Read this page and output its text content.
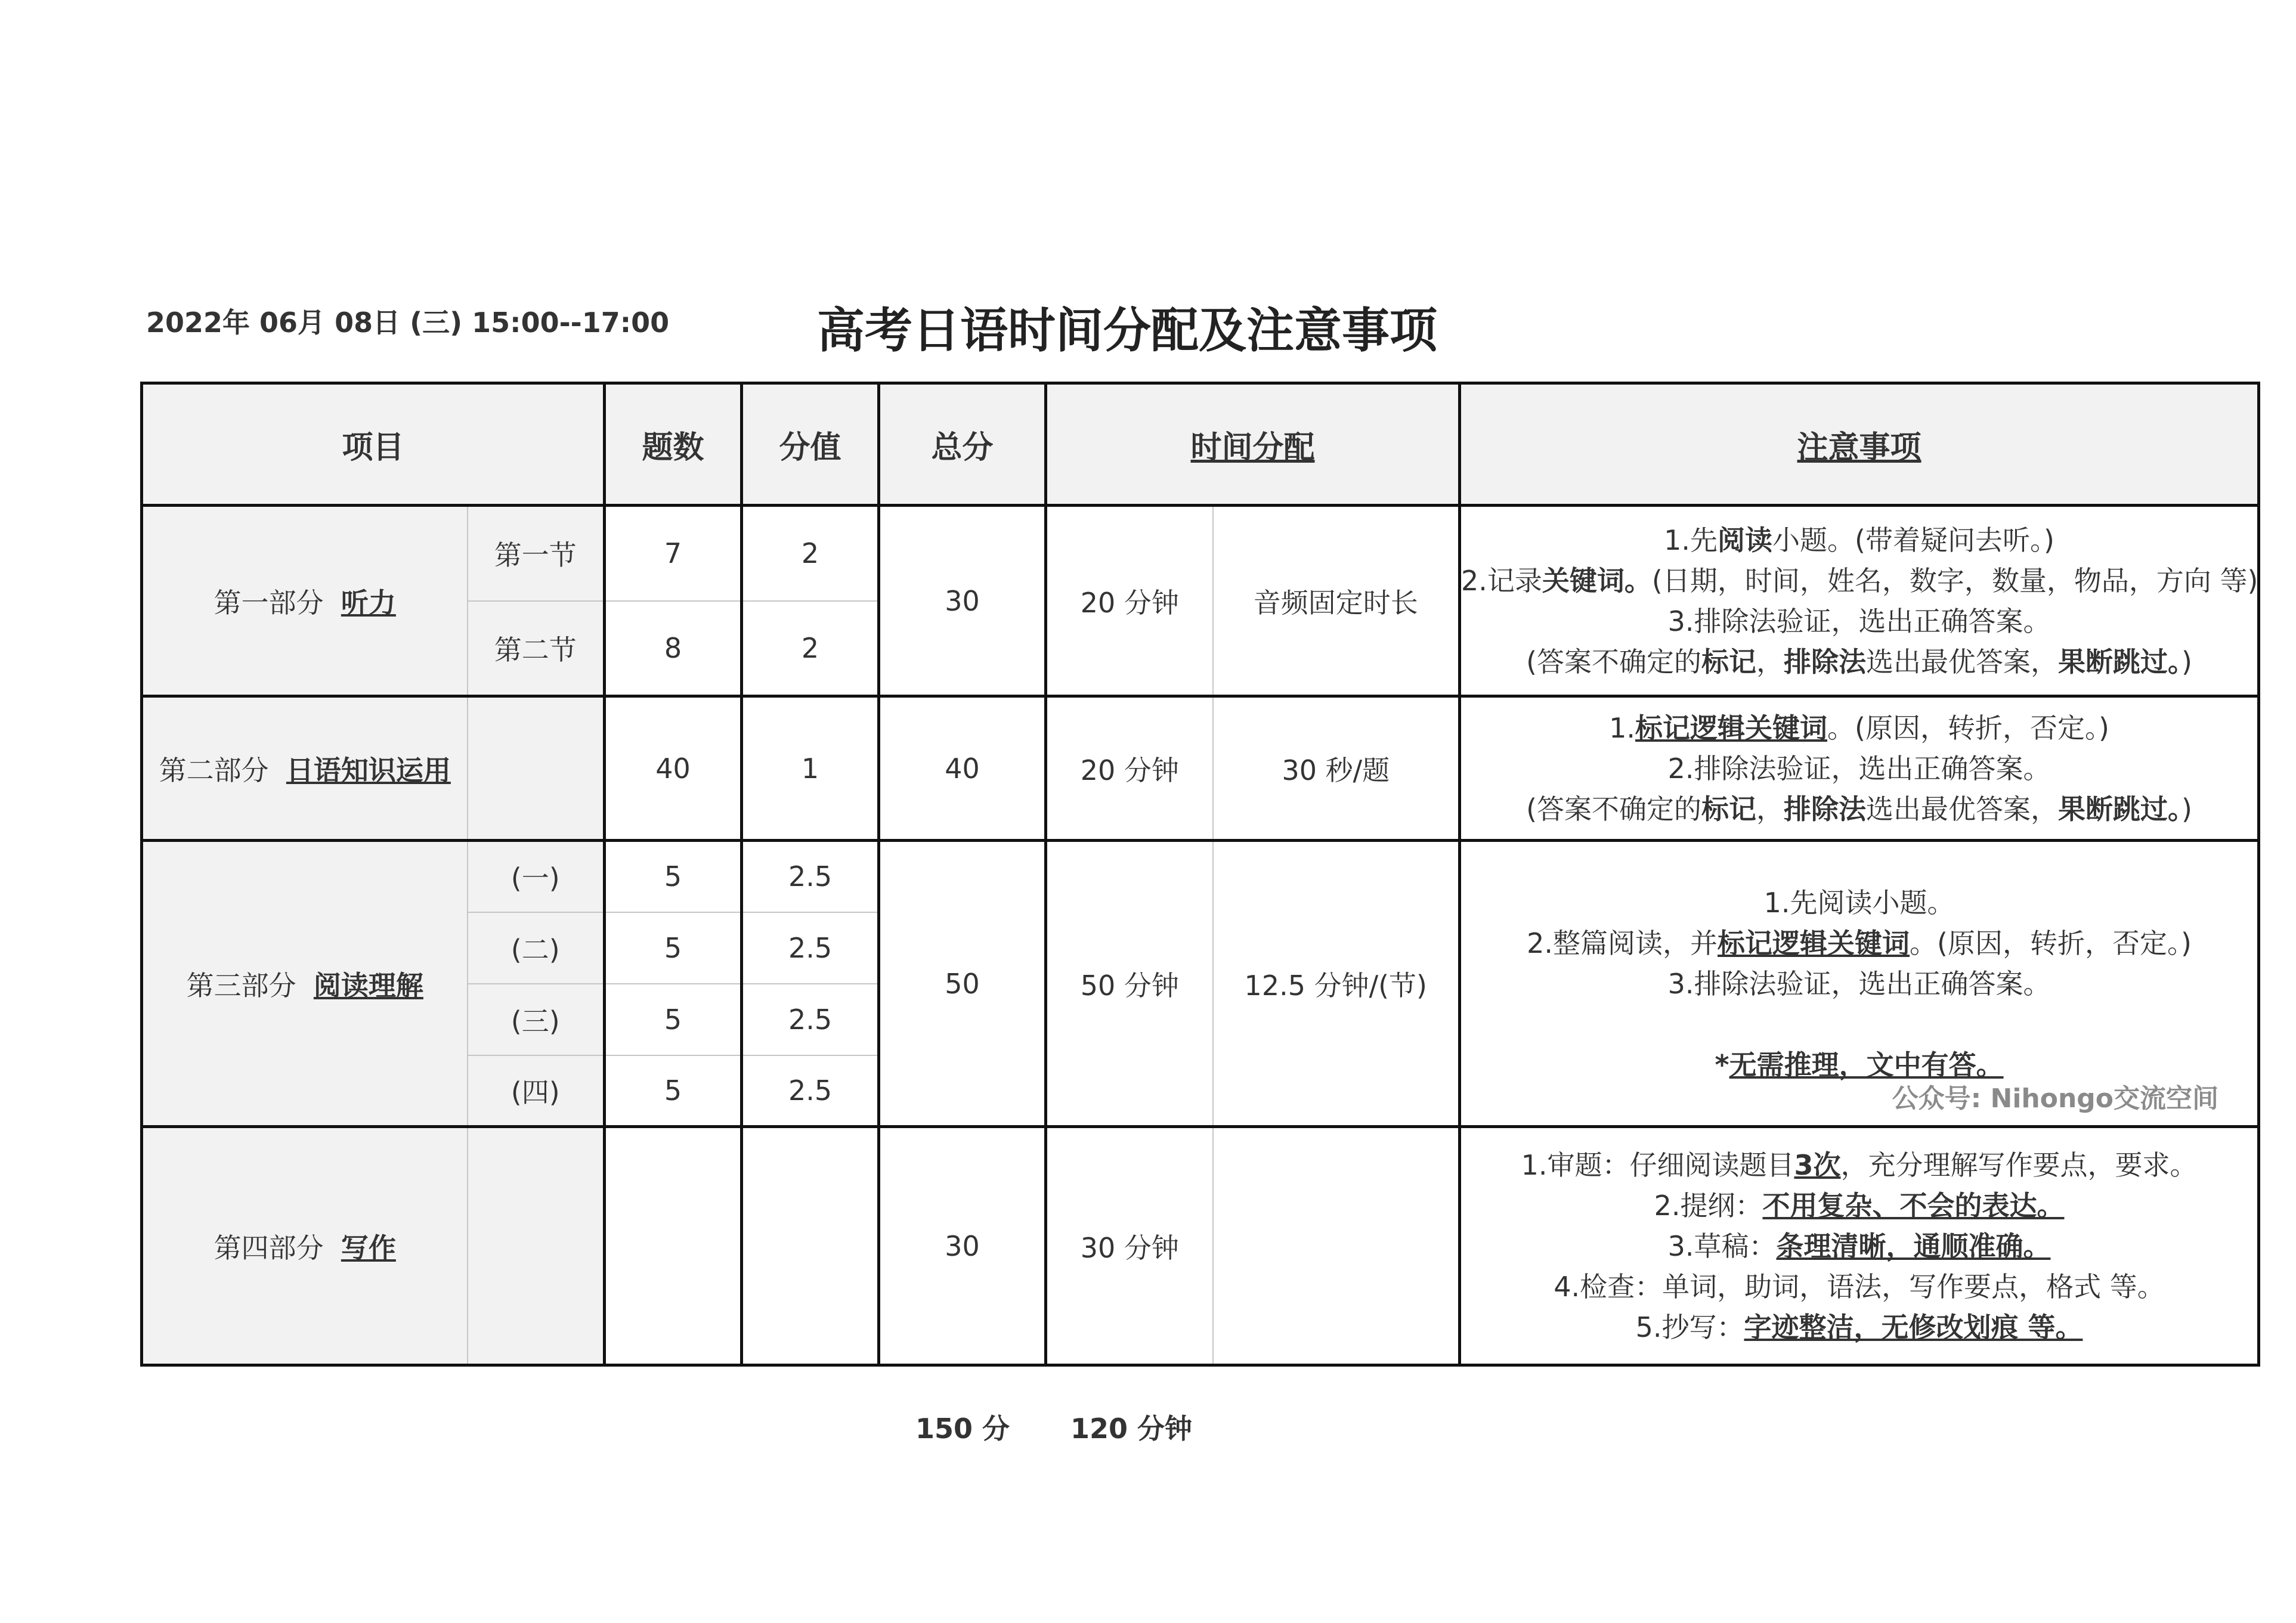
2022年 06月 08日 (三) 15:00--17:00	高考日语时间分配及注意事项
项目		题数	分值	总分	时间分配		注意事项
第一部分 听力	第一节	7	2	30	20 分钟	音频固定时长	1.先阅读小题。(带着疑问去听。)
2.记录关键词。(日期，时间，姓名，数字，数量，物品，方向 等)
3.排除法验证，选出正确答案。
(答案不确定的标记，排除法选出最优答案，果断跳过。)

	第二节	8	2				
第二部分 日语知识运用		40	1	40	20 分钟	30 秒/题	1.标记逻辑关键词。(原因，转折，否定。)
2.排除法验证，选出正确答案。
(答案不确定的标记，排除法选出最优答案，果断跳过。)

第三部分 阅读理解	(一)	5	2.5	50	50 分钟	12.5 分钟/(节)	1.先阅读小题。
2.整篇阅读，并标记逻辑关键词。(原因，转折，否定。)
3.排除法验证，选出正确答案。
*无需推理，文中有答。
公众号: Nihongo交流空间

	(二)	5	2.5				
	(三)	5	2.5				
	(四)	5	2.5				
第四部分 写作				30	30 分钟		1.审题：仔细阅读题目3次，充分理解写作要点，要求。
2.提纲：不用复杂、不会的表达。
3.草稿：条理清晰，通顺准确。
4.检查：单词，助词，语法，写作要点，格式 等。
5.抄写：字迹整洁，无修改划痕 等。
150 分 120 分钟
